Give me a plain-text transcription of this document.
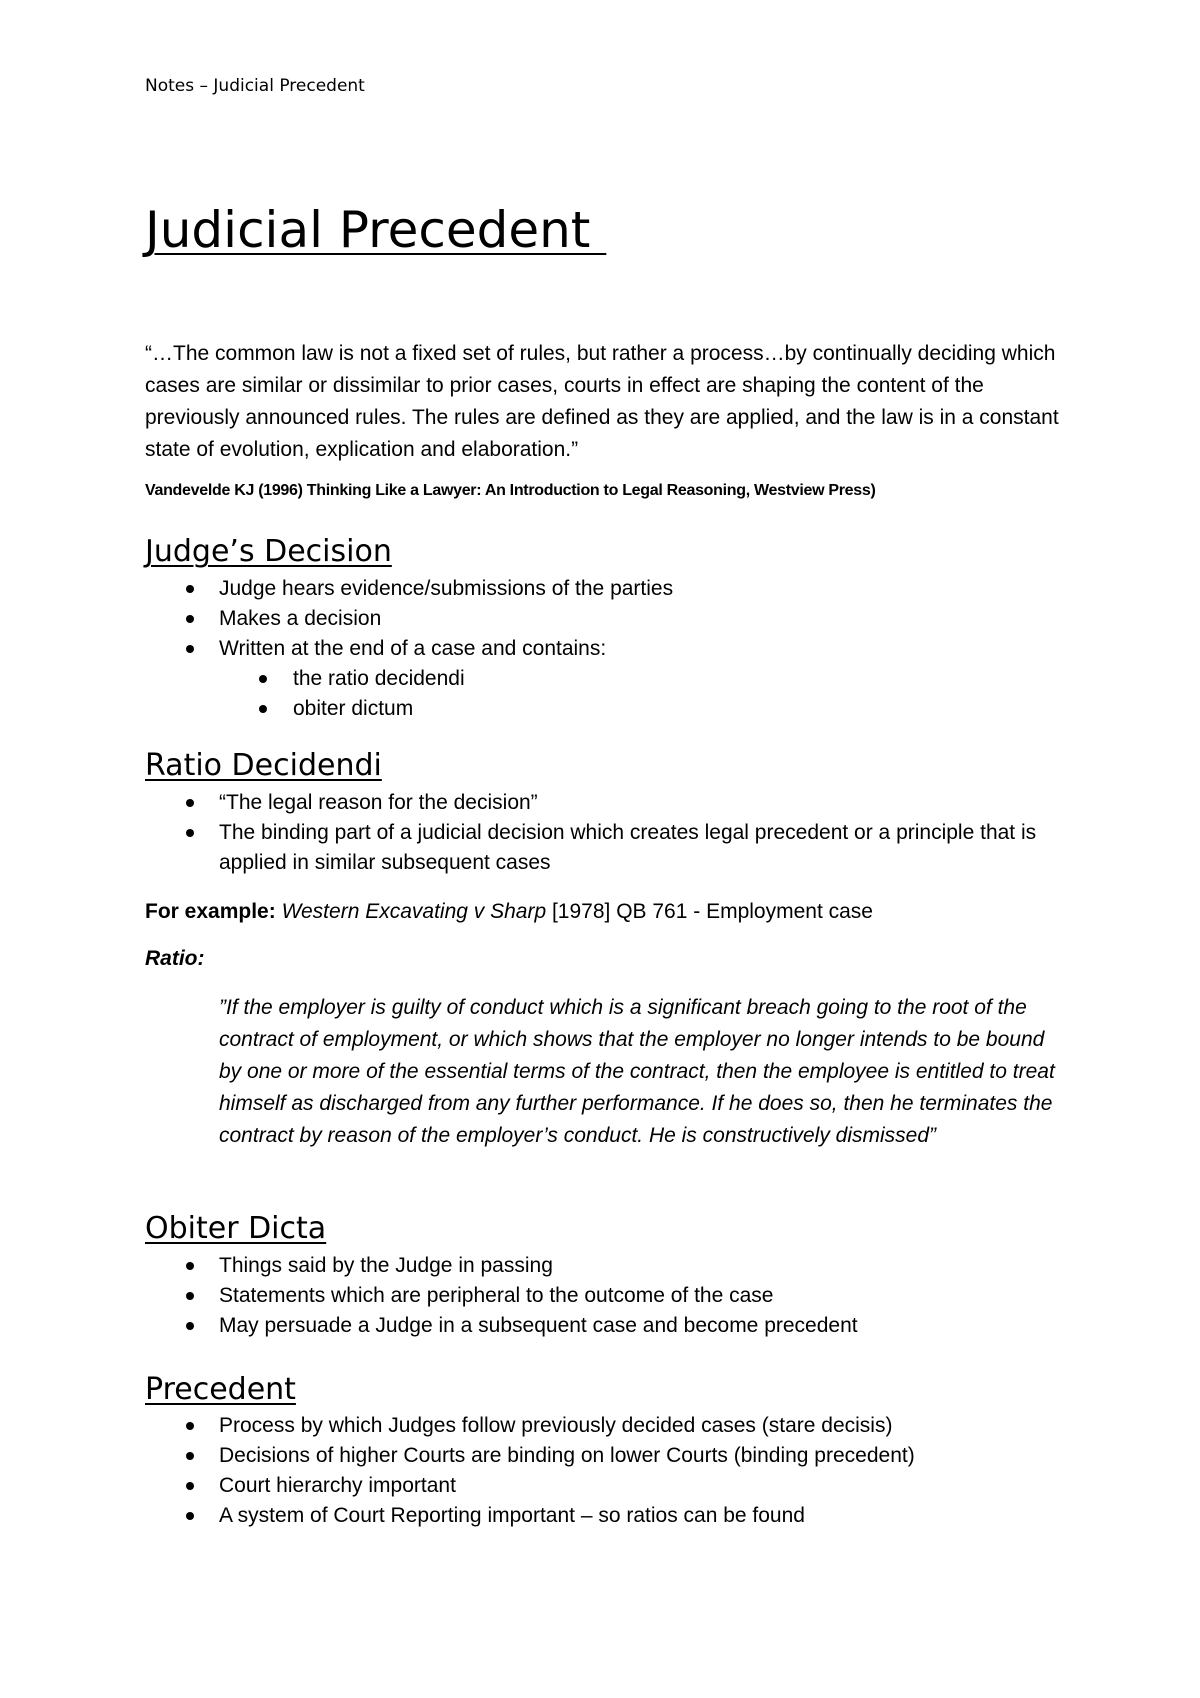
Notes – Judicial Precedent
Judicial Precedent

“…The common law is not a fixed set of rules, but rather a process…by continually deciding which cases are similar or dissimilar to prior cases, courts in effect are shaping the content of the previously announced rules. The rules are defined as they are applied, and the law is in a constant state of evolution, explication and elaboration.”

Vandevelde KJ (1996) Thinking Like a Lawyer: An Introduction to Legal Reasoning, Westview Press)
Judge’s Decision
Judge hears evidence/submissions of the parties
Makes a decision
Written at the end of a case and contains:
the ratio decidendi
obiter dictum
Ratio Decidendi
“The legal reason for the decision”
The binding part of a judicial decision which creates legal precedent or a principle that is applied in similar subsequent cases
For example: Western Excavating v Sharp [1978] QB 761 - Employment case
Ratio:

”If the employer is guilty of conduct which is a significant breach going to the root of the contract of employment, or which shows that the employer no longer intends to be bound by one or more of the essential terms of the contract, then the employee is entitled to treat himself as discharged from any further performance. If he does so, then he terminates the contract by reason of the employer’s conduct. He is constructively dismissed”

Obiter Dicta
Things said by the Judge in passing
Statements which are peripheral to the outcome of the case
May persuade a Judge in a subsequent case and become precedent
Precedent
Process by which Judges follow previously decided cases (stare decisis)
Decisions of higher Courts are binding on lower Courts (binding precedent)
Court hierarchy important
A system of Court Reporting important – so ratios can be found
